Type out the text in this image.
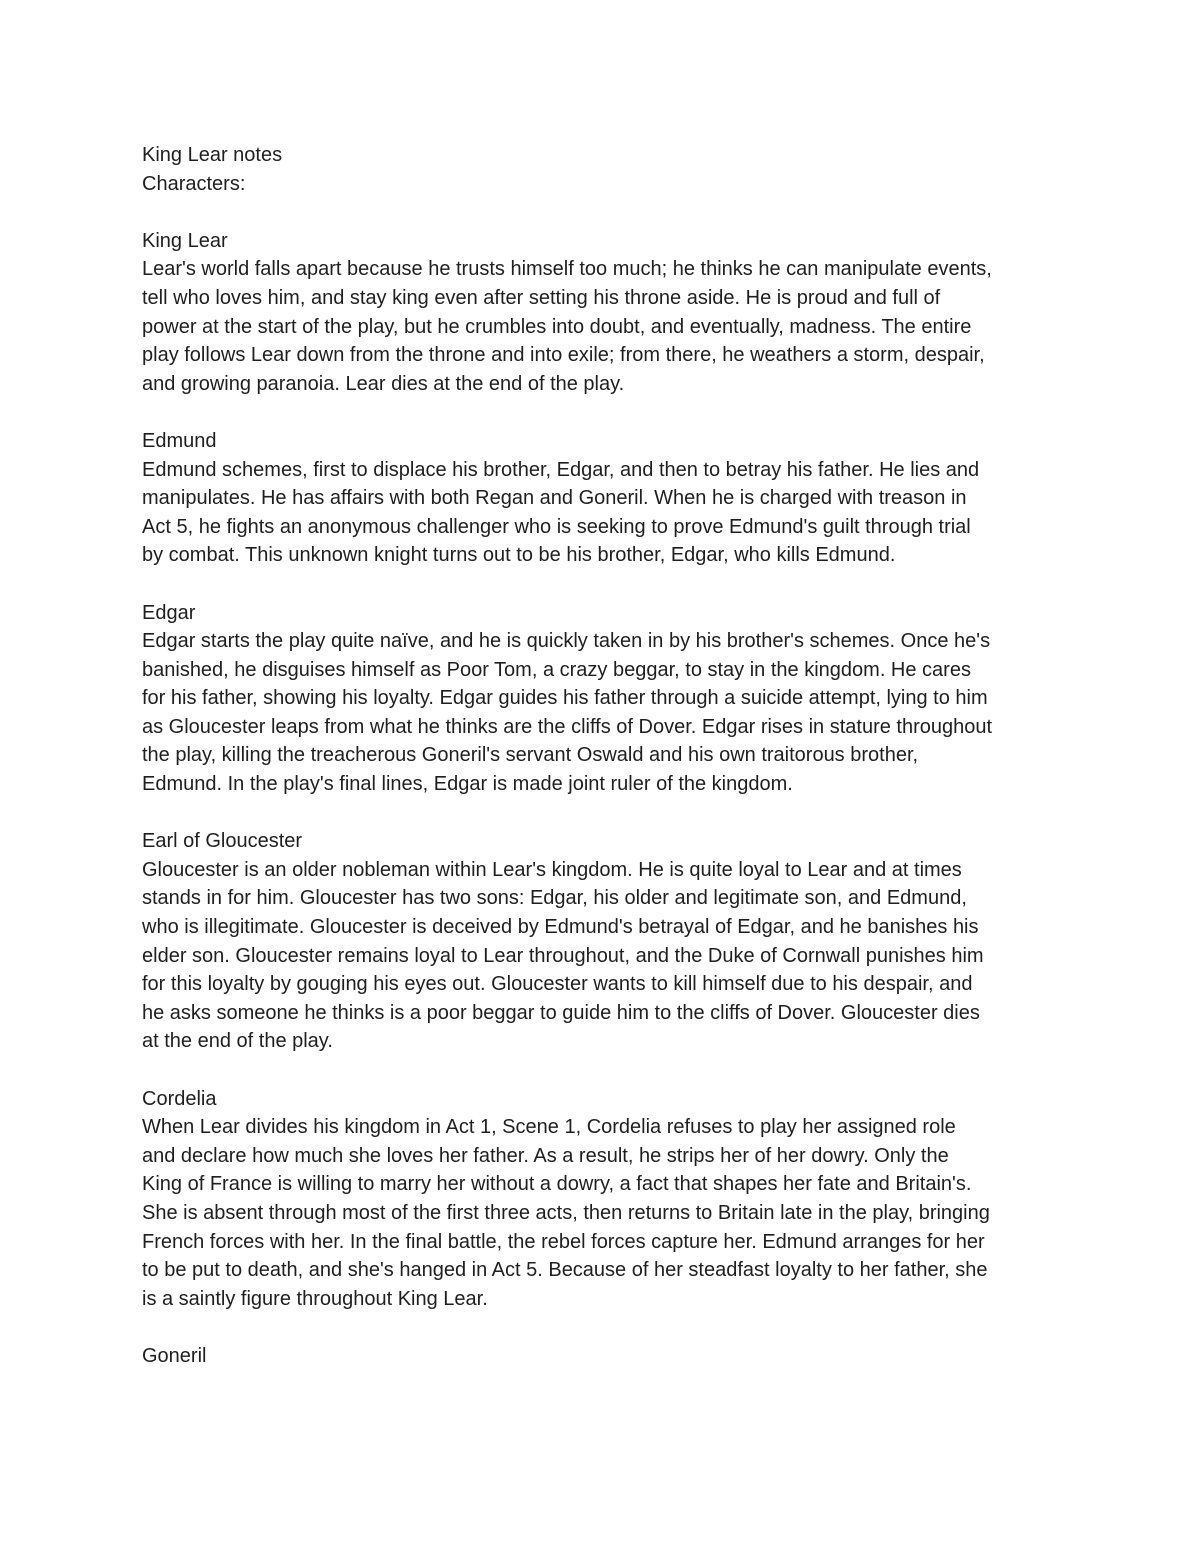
King Lear notes
Characters:
King Lear
Lear's world falls apart because he trusts himself too much; he thinks he can manipulate events,
tell who loves him, and stay king even after setting his throne aside. He is proud and full of
power at the start of the play, but he crumbles into doubt, and eventually, madness. The entire
play follows Lear down from the throne and into exile; from there, he weathers a storm, despair,
and growing paranoia. Lear dies at the end of the play.
Edmund
Edmund schemes, first to displace his brother, Edgar, and then to betray his father. He lies and
manipulates. He has affairs with both Regan and Goneril. When he is charged with treason in
Act 5, he fights an anonymous challenger who is seeking to prove Edmund's guilt through trial
by combat. This unknown knight turns out to be his brother, Edgar, who kills Edmund.
Edgar
Edgar starts the play quite naïve, and he is quickly taken in by his brother's schemes. Once he's
banished, he disguises himself as Poor Tom, a crazy beggar, to stay in the kingdom. He cares
for his father, showing his loyalty. Edgar guides his father through a suicide attempt, lying to him
as Gloucester leaps from what he thinks are the cliffs of Dover. Edgar rises in stature throughout
the play, killing the treacherous Goneril's servant Oswald and his own traitorous brother,
Edmund. In the play's final lines, Edgar is made joint ruler of the kingdom.
Earl of Gloucester
Gloucester is an older nobleman within Lear's kingdom. He is quite loyal to Lear and at times
stands in for him. Gloucester has two sons: Edgar, his older and legitimate son, and Edmund,
who is illegitimate. Gloucester is deceived by Edmund's betrayal of Edgar, and he banishes his
elder son. Gloucester remains loyal to Lear throughout, and the Duke of Cornwall punishes him
for this loyalty by gouging his eyes out. Gloucester wants to kill himself due to his despair, and
he asks someone he thinks is a poor beggar to guide him to the cliffs of Dover. Gloucester dies
at the end of the play.
Cordelia
When Lear divides his kingdom in Act 1, Scene 1, Cordelia refuses to play her assigned role
and declare how much she loves her father. As a result, he strips her of her dowry. Only the
King of France is willing to marry her without a dowry, a fact that shapes her fate and Britain's.
She is absent through most of the first three acts, then returns to Britain late in the play, bringing
French forces with her. In the final battle, the rebel forces capture her. Edmund arranges for her
to be put to death, and she's hanged in Act 5. Because of her steadfast loyalty to her father, she
is a saintly figure throughout King Lear.
Goneril
